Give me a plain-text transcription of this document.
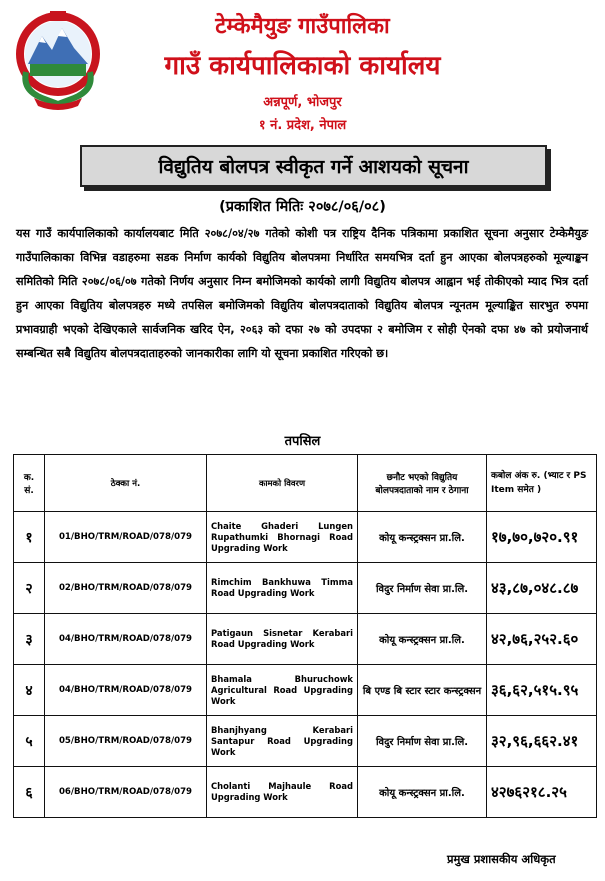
टेम्केमैयुङ गाउँपालिका
गाउँ कार्यपालिकाको कार्यालय
अन्नपूर्ण, भोजपुर
१ नं. प्रदेश, नेपाल
विद्युतिय बोलपत्र स्वीकृत गर्ने आशयको सूचना
(प्रकाशित मितिः २०७८/०६/०८)
यस गाउँ कार्यपालिकाको कार्यालयबाट मिति २०७८/०४/२७ गतेको कोशी पत्र राष्ट्रिय दैनिक पत्रिकामा प्रकाशित सूचना अनुसार टेम्केमैयुङ गाउँपालिकाका विभिन्न वडाहरुमा सडक निर्माण कार्यको विद्युतिय बोलपत्रमा निर्धारित समयभित्र दर्ता हुन आएका बोलपत्रहरुको मूल्याङ्कन समितिको मिति २०७८/०६/०७ गतेको निर्णय अनुसार निम्न बमोजिमको कार्यको लागी विद्युतिय बोलपत्र आह्वान भई तोकीएको म्याद भित्र दर्ता हुन आएका विद्युतिय बोलपत्रहरु मध्ये तपसिल बमोजिमको विद्युतिय बोलपत्रदाताको विद्युतिय बोलपत्र न्यूनतम मूल्याङ्कित सारभुत रुपमा प्रभावग्राही भएको देखिएकाले सार्वजनिक खरिद ऐन, २०६३ को दफा २७ को उपदफा २ बमोजिम र सोही ऐनको दफा ४७ को प्रयोजनार्थ सम्बन्धित सबै विद्युतिय बोलपत्रदाताहरुको जानकारीका लागि यो सूचना प्रकाशित गरिएको छ।
तपसिल
क. सं.	ठेक्का नं.	कामको विवरण	छनौट भएको विद्युतिय बोलपत्रदाताको नाम र ठेगाना	कबोल अंक रु. (भ्याट र PS Item समेत )
१	01/BHO/TRM/ROAD/078/079	Chaite Ghaderi Lungen Rupathumki Bhornagi Road Upgrading Work	कोयू कन्स्ट्रक्सन प्रा.लि.	१७,७०,७२०.९१
२	02/BHO/TRM/ROAD/078/079	Rimchim Bankhuwa Timma Road Upgrading Work	विदुर निर्माण सेवा प्रा.लि.	४३,८७,०४८.८७
३	04/BHO/TRM/ROAD/078/079	Patigaun Sisnetar Kerabari Road Upgrading Work	कोयू कन्स्ट्रक्सन प्रा.लि.	४२,७६,२५२.६०
४	04/BHO/TRM/ROAD/078/079	Bhamala Bhuruchowk Agricultural Road Upgrading Work	बि एण्ड बि स्टार स्टार कन्स्ट्रक्सन	३६,६२,५१५.९५
५	05/BHO/TRM/ROAD/078/079	Bhanjhyang Kerabari Santapur Road Upgrading Work	विदुर निर्माण सेवा प्रा.लि.	३२,९६,६६२.४१
६	06/BHO/TRM/ROAD/078/079	Cholanti Majhaule Road Upgrading Work	कोयू कन्स्ट्रक्सन प्रा.लि.	४२७६२१८.२५
प्रमुख प्रशासकीय अधिकृत
